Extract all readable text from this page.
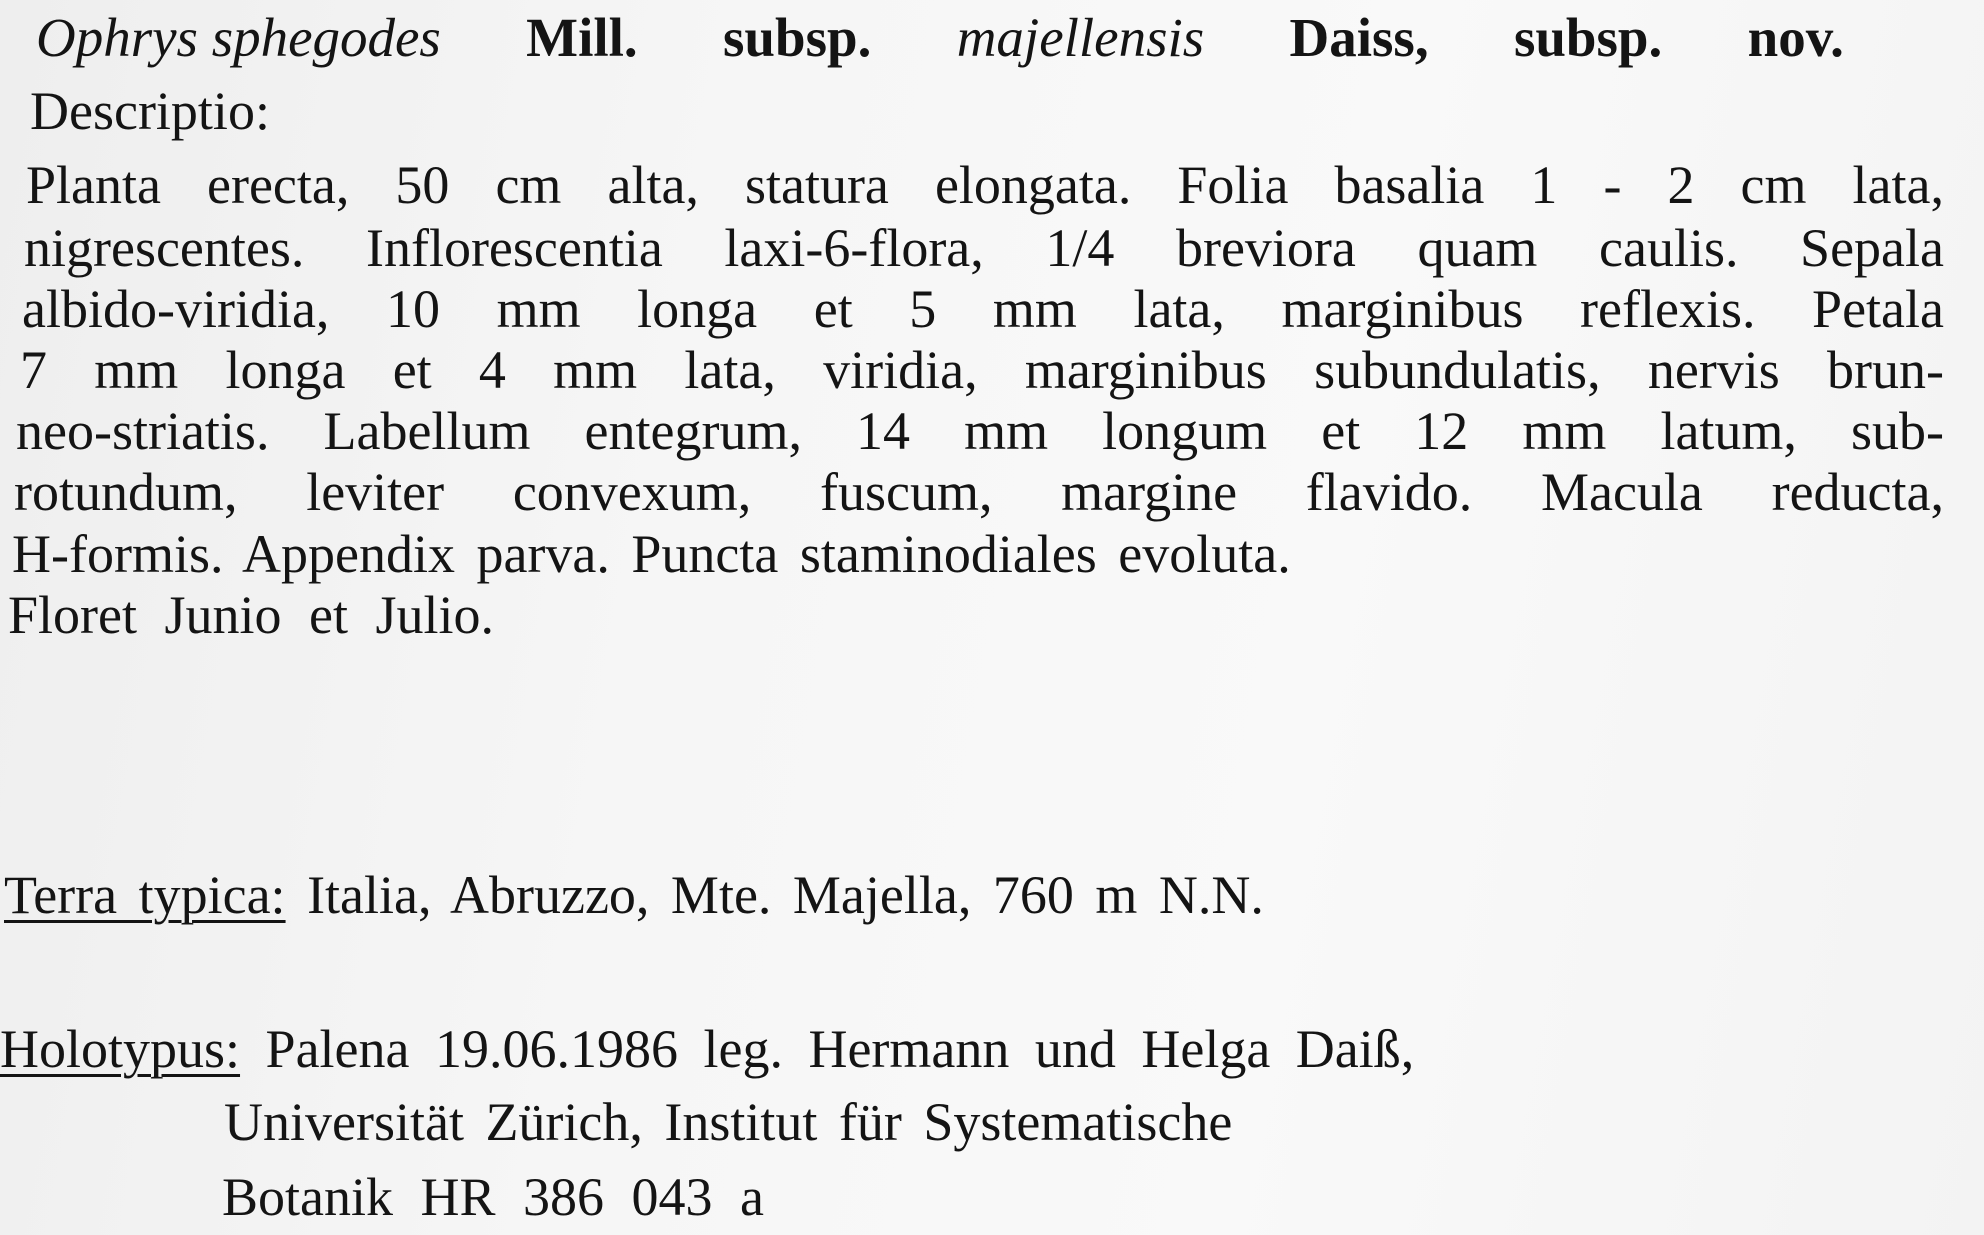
Ophrys sphegodes Mill. subsp. majellensis Daiss, subsp. nov.
Descriptio:
Planta erecta, 50 cm alta, statura elongata. Folia basalia 1 - 2 cm lata,
nigrescentes. Inflorescentia laxi-6-flora, 1/4 breviora quam caulis. Sepala
albido-viridia, 10 mm longa et 5 mm lata, marginibus reflexis. Petala
7 mm longa et 4 mm lata, viridia, marginibus subundulatis, nervis brun-
neo-striatis. Labellum entegrum, 14 mm longum et 12 mm latum, sub-
rotundum, leviter convexum, fuscum, margine flavido. Macula reducta,
H-formis. Appendix parva. Puncta staminodiales evoluta.
Floret Junio et Julio.
Terra typica: Italia, Abruzzo, Mte. Majella, 760 m N.N.
Holotypus: Palena 19.06.1986 leg. Hermann und Helga Daiß,
Universität Zürich, Institut für Systematische
Botanik HR 386 043 a
